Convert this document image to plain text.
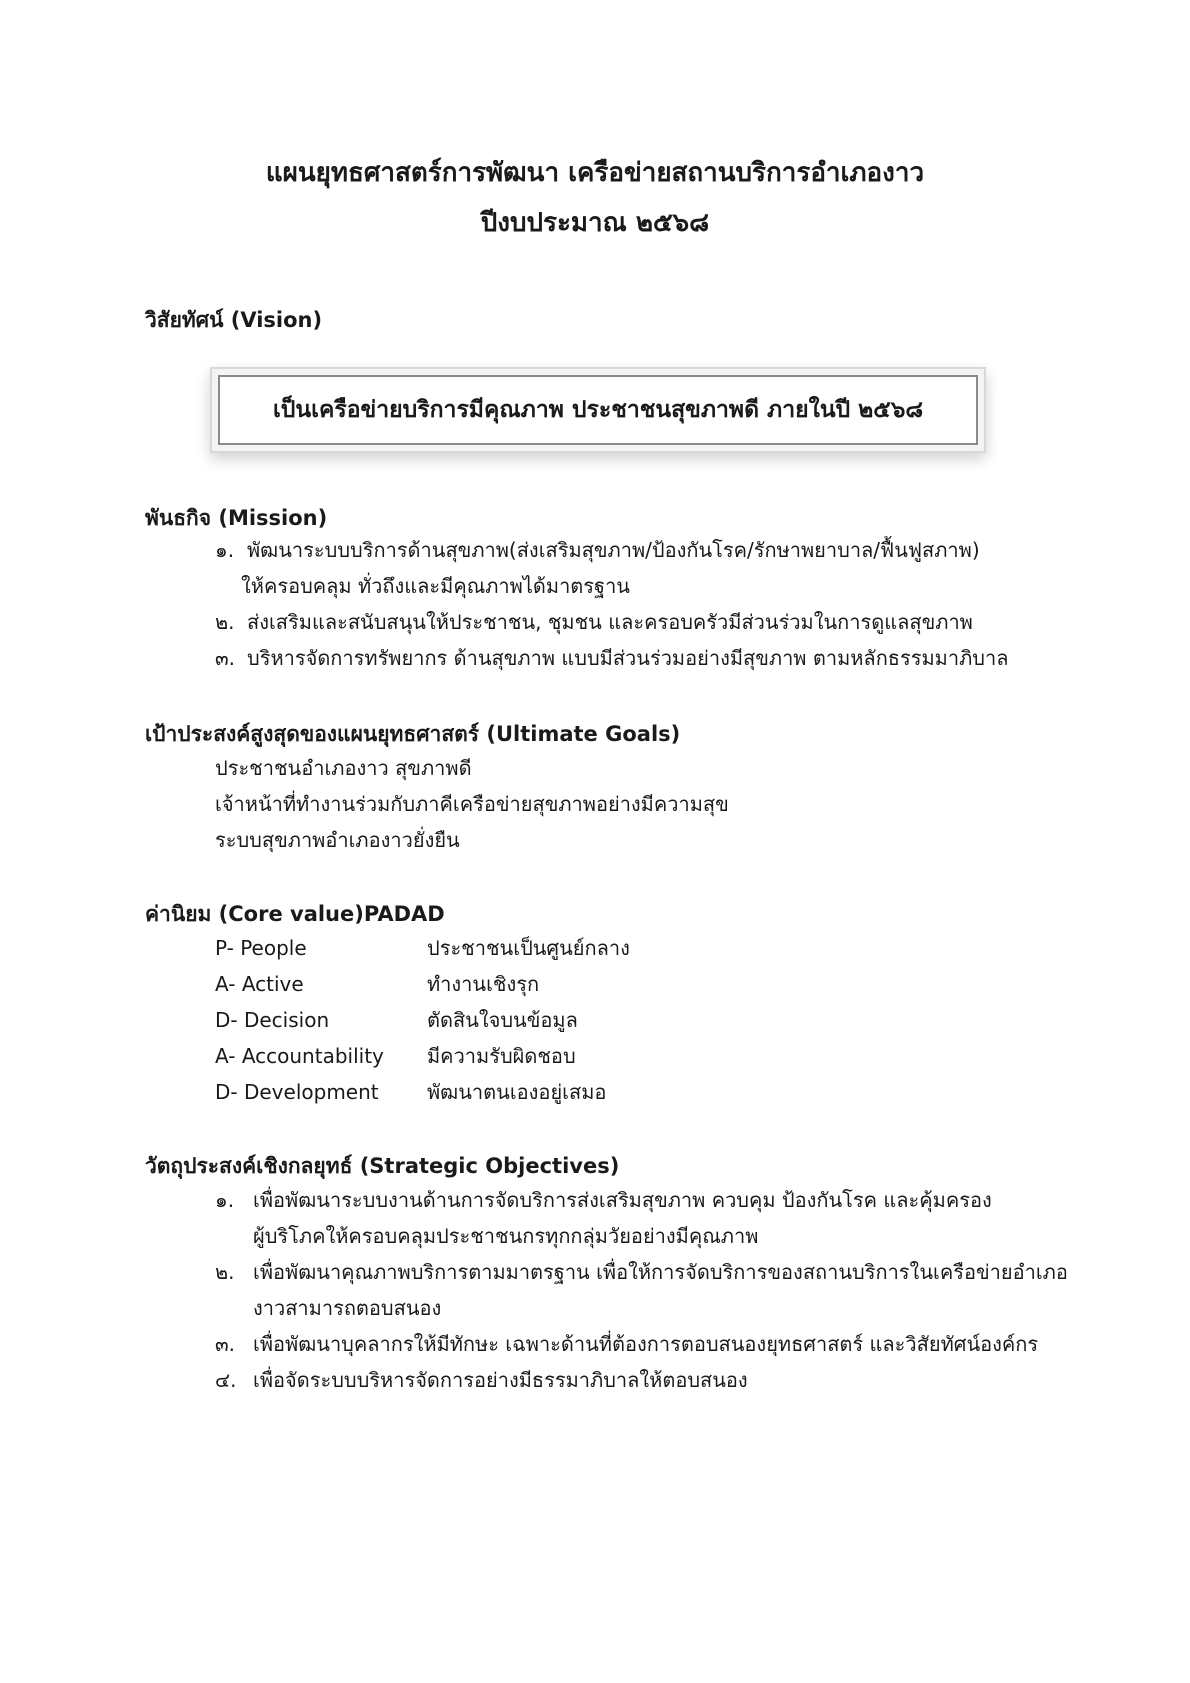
แผนยุทธศาสตร์การพัฒนา เครือข่ายสถานบริการอำเภองาว
ปีงบประมาณ ๒๕๖๘
วิสัยทัศน์ (Vision)
เป็นเครือข่ายบริการมีคุณภาพ ประชาชนสุขภาพดี ภายในปี ๒๕๖๘
พันธกิจ (Mission)
๑. พัฒนาระบบบริการด้านสุขภาพ(ส่งเสริมสุขภาพ/ป้องกันโรค/รักษาพยาบาล/ฟื้นฟูสภาพ)
ให้ครอบคลุม ทั่วถึงและมีคุณภาพได้มาตรฐาน
๒. ส่งเสริมและสนับสนุนให้ประชาชน, ชุมชน และครอบครัวมีส่วนร่วมในการดูแลสุขภาพ
๓. บริหารจัดการทรัพยากร ด้านสุขภาพ แบบมีส่วนร่วมอย่างมีสุขภาพ ตามหลักธรรมมาภิบาล
เป้าประสงค์สูงสุดของแผนยุทธศาสตร์ (Ultimate Goals)
ประชาชนอำเภองาว สุขภาพดี
เจ้าหน้าที่ทำงานร่วมกับภาคีเครือข่ายสุขภาพอย่างมีความสุข
ระบบสุขภาพอำเภองาวยั่งยืน
ค่านิยม (Core value)PADAD
P- People	ประชาชนเป็นศูนย์กลาง
A- Active	ทำงานเชิงรุก
D- Decision	ตัดสินใจบนข้อมูล
A- Accountability มีความรับผิดชอบ
D- Development พัฒนาตนเองอยู่เสมอ
วัตถุประสงค์เชิงกลยุทธ์ (Strategic Objectives)
๑. เพื่อพัฒนาระบบงานด้านการจัดบริการส่งเสริมสุขภาพ ควบคุม ป้องกันโรค และคุ้มครอง
ผู้บริโภคให้ครอบคลุมประชาชนกรทุกกลุ่มวัยอย่างมีคุณภาพ
๒. เพื่อพัฒนาคุณภาพบริการตามมาตรฐาน เพื่อให้การจัดบริการของสถานบริการในเครือข่ายอำเภอ
งาวสามารถตอบสนอง
๓. เพื่อพัฒนาบุคลากรให้มีทักษะ เฉพาะด้านที่ต้องการตอบสนองยุทธศาสตร์ และวิสัยทัศน์องค์กร
๔. เพื่อจัดระบบบริหารจัดการอย่างมีธรรมาภิบาลให้ตอบสนอง
